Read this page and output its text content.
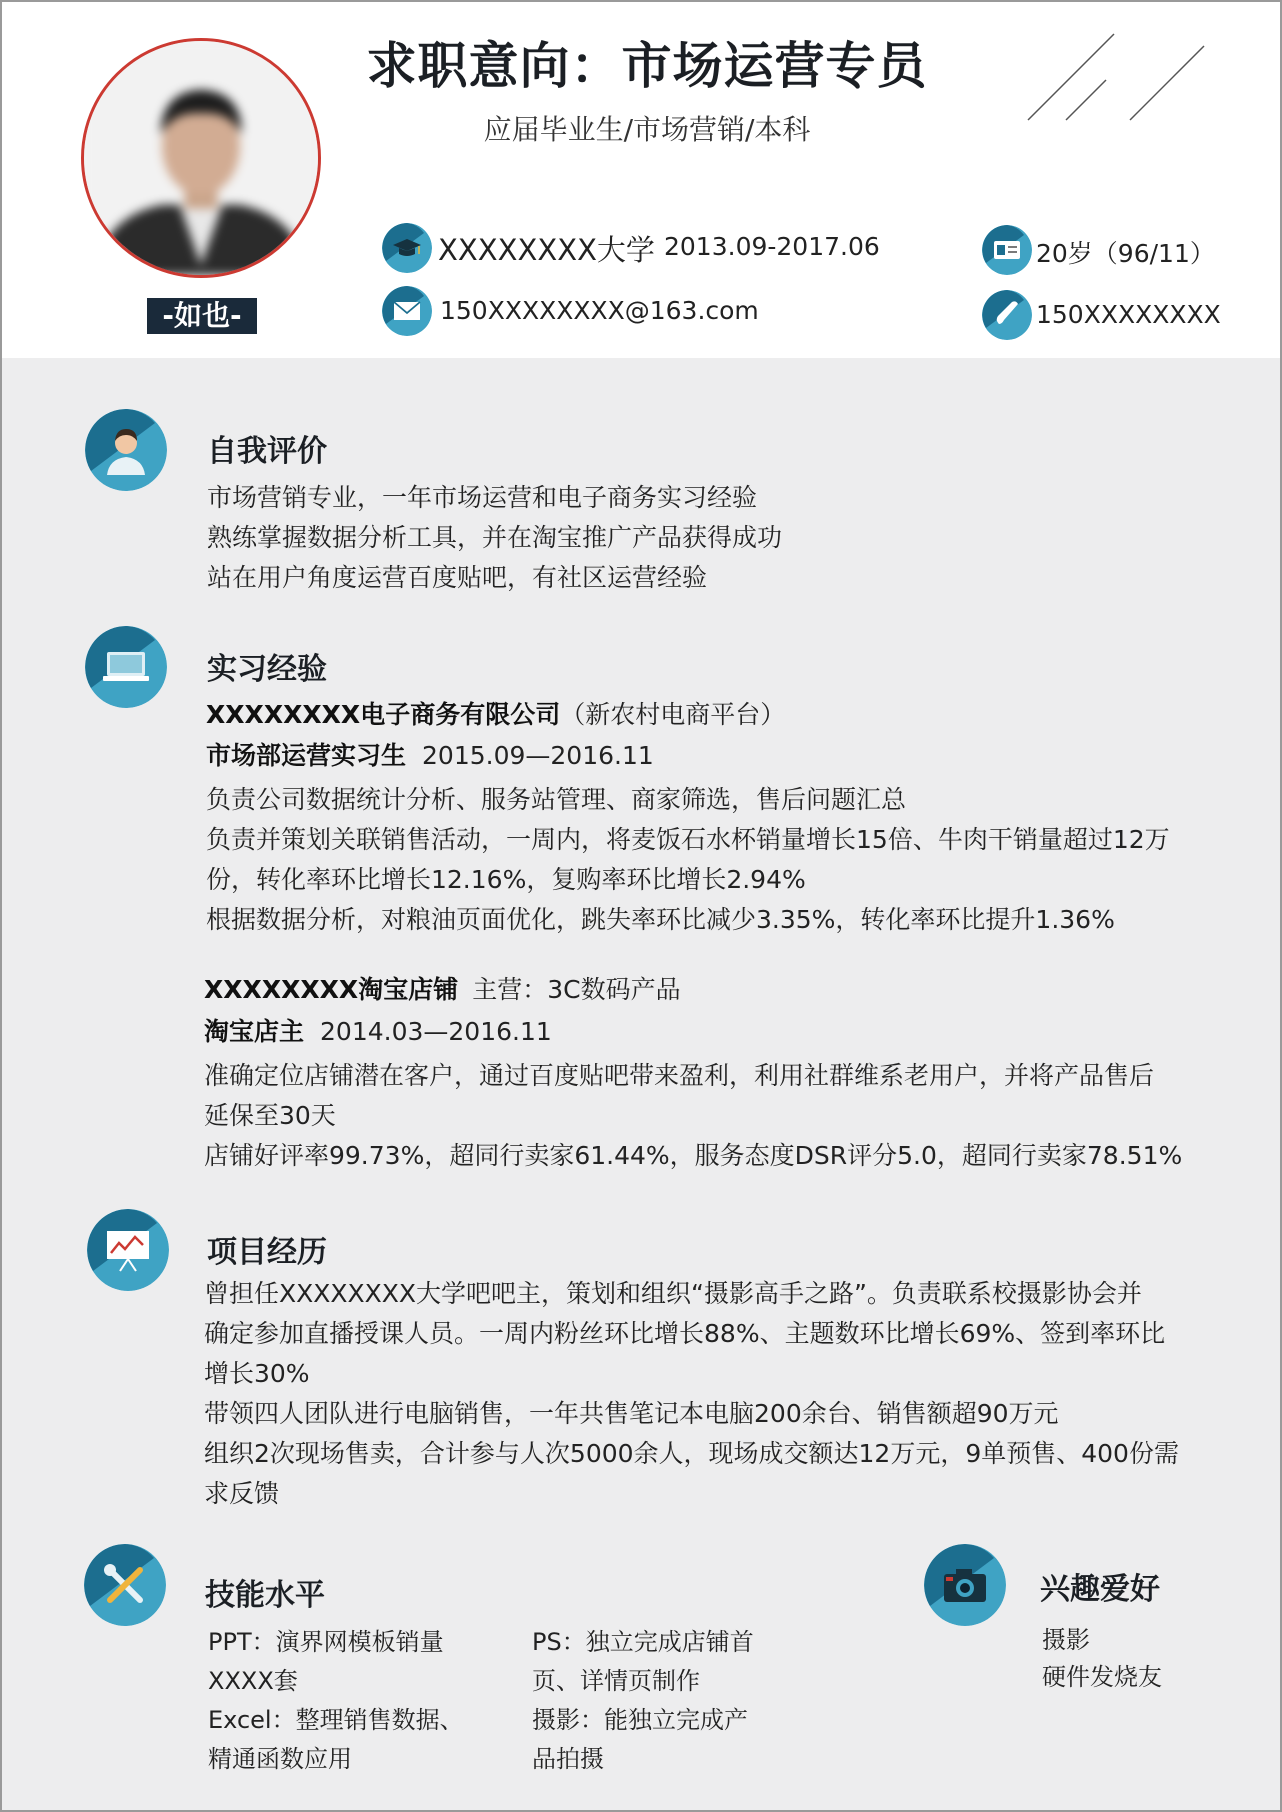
-如也-
求职意向：市场运营专员
应届毕业生/市场营销/本科
XXXXXXXX大学 2013.09-2017.06	20岁（96/11）
150XXXXXXXX@163.com	150XXXXXXXX
自我评价
市场营销专业，一年市场运营和电子商务实习经验
熟练掌握数据分析工具，并在淘宝推广产品获得成功
站在用户角度运营百度贴吧，有社区运营经验
实习经验
XXXXXXXX电子商务有限公司（新农村电商平台）
市场部运营实习生 2015.09—2016.11
负责公司数据统计分析、服务站管理、商家筛选，售后问题汇总
负责并策划关联销售活动，一周内，将麦饭石水杯销量增长15倍、牛肉干销量超过12万
份，转化率环比增长12.16%，复购率环比增长2.94%
根据数据分析，对粮油页面优化，跳失率环比减少3.35%，转化率环比提升1.36%
XXXXXXXX淘宝店铺 主营：3C数码产品
淘宝店主 2014.03—2016.11
准确定位店铺潜在客户，通过百度贴吧带来盈利，利用社群维系老用户，并将产品售后
延保至30天
店铺好评率99.73%，超同行卖家61.44%，服务态度DSR评分5.0，超同行卖家78.51%
项目经历
曾担任XXXXXXXX大学吧吧主，策划和组织“摄影高手之路”。负责联系校摄影协会并
确定参加直播授课人员。一周内粉丝环比增长88%、主题数环比增长69%、签到率环比
增长30%
带领四人团队进行电脑销售，一年共售笔记本电脑200余台、销售额超90万元
组织2次现场售卖，合计参与人次5000余人，现场成交额达12万元，9单预售、400份需
求反馈
技能水平
PPT：演界网模板销量
XXXX套
Excel：整理销售数据、
精通函数应用
PS：独立完成店铺首
页、详情页制作
摄影：能独立完成产
品拍摄
兴趣爱好
摄影
硬件发烧友
